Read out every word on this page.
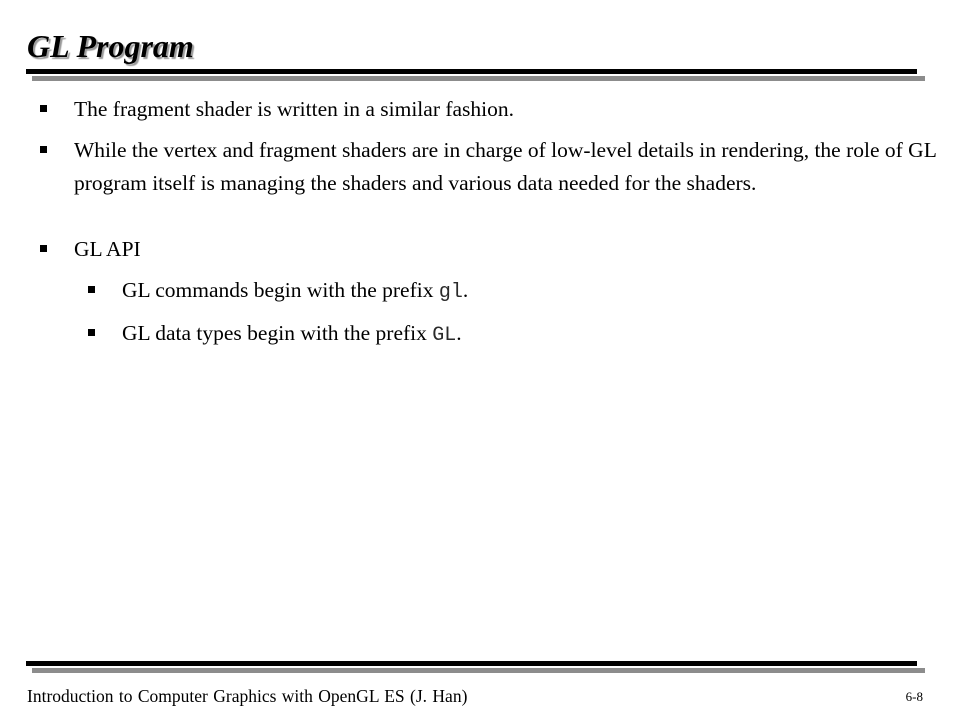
GL Program
The fragment shader is written in a similar fashion.
While the vertex and fragment shaders are in charge of low-level details in rendering, the role of GL program itself is managing the shaders and various data needed for the shaders.
GL API
GL commands begin with the prefix gl.
GL data types begin with the prefix GL.
Introduction to Computer Graphics with OpenGL ES (J. Han)	6-8
